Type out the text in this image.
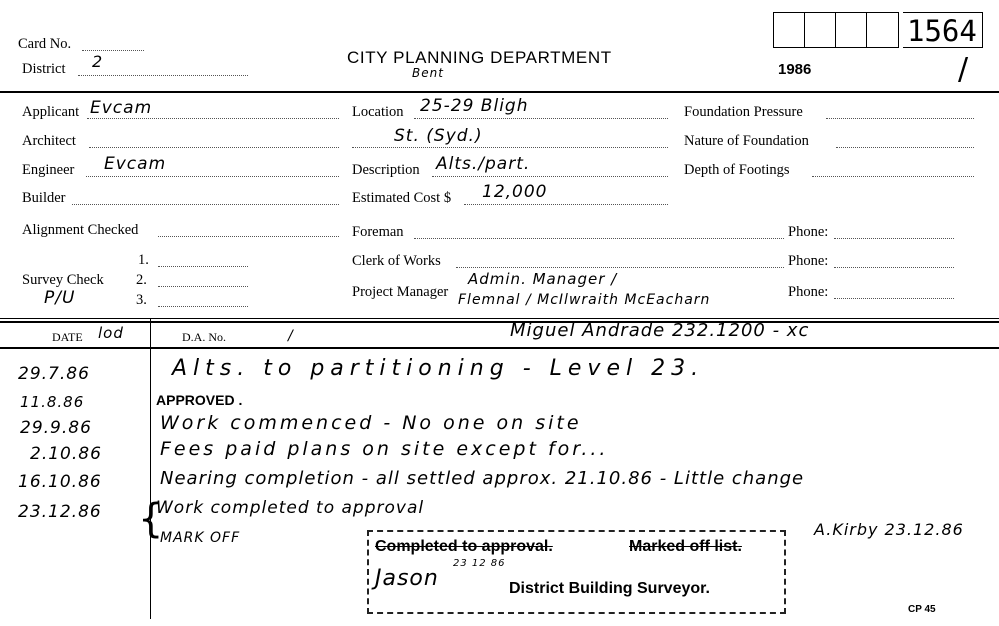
1564
Card No.
District 2	CITY PLANNING DEPARTMENT
Bent	1986	/
Applicant Evcam
Architect
Engineer Evcam
Builder
Alignment Checked
1.
Survey Check 2.
3.
P/U
Location 25-29 Bligh
St. (Syd.)
Description Alts./part.
Estimated Cost $ 12,000
Foreman	Phone:
Clerk of Works	Phone:
Project Manager
Admin. Manager /
Flemnal / McIlwraith McEacharn	Phone:
Foundation Pressure
Nature of Foundation
Depth of Footings
DATE lod	D.A. No.	/	Miguel Andrade 232.1200 - xc
29.7.86	Alts. to partitioning - Level 23.
11.8.86	APPROVED .
29.9.86	Work commenced - No one on site
2.10.86	Fees paid plans on site except for...
16.10.86	Nearing completion - all settled approx. 21.10.86 - Little change
23.12.86	Work completed to approval
MARK OFF
{
Completed to approval.	Marked off list.
Jason
23 12 86
District Building Surveyor.
A.Kirby 23.12.86
CP 45
